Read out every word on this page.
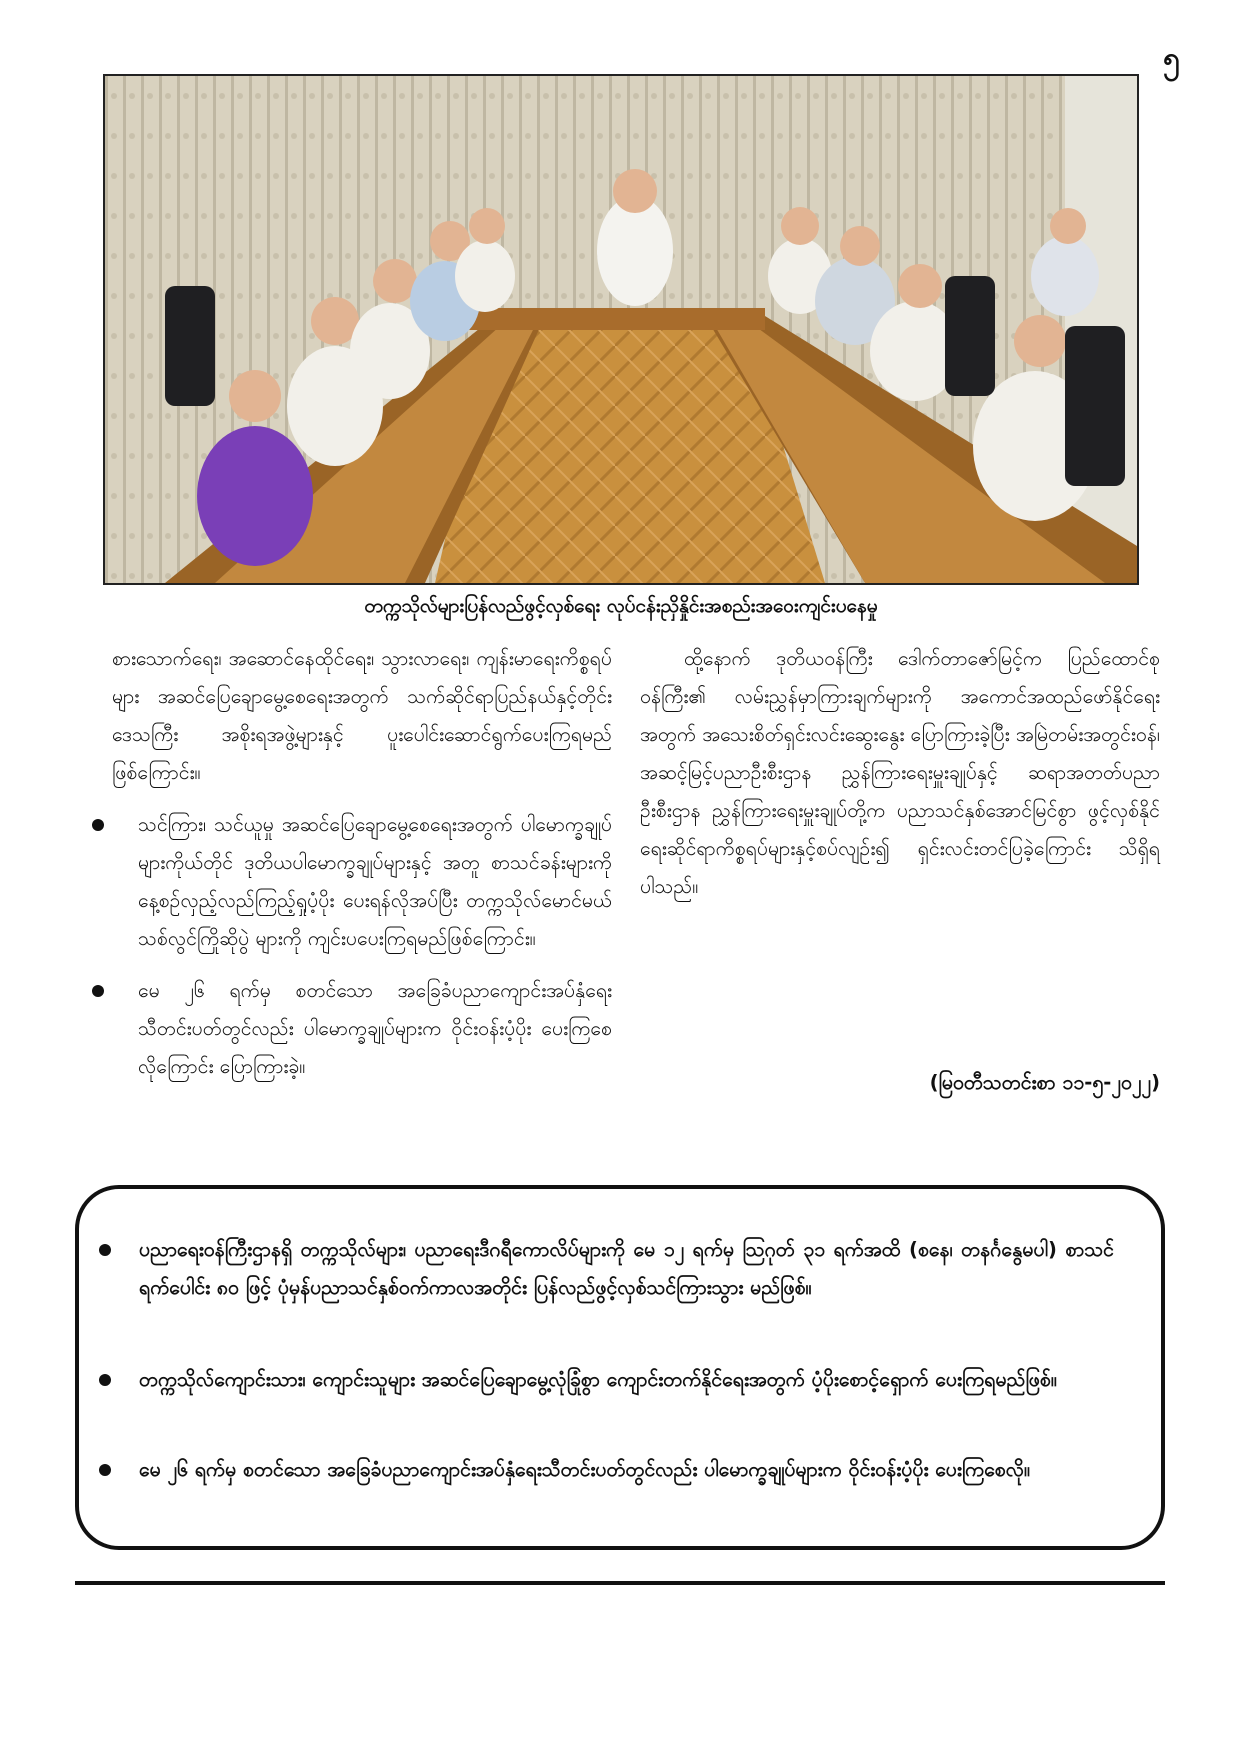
၅
တက္ကသိုလ်များပြန်လည်ဖွင့်လှစ်ရေး လုပ်ငန်းညှိနှိုင်းအစည်းအဝေးကျင်းပနေမှု

စားသောက်ရေး၊ အဆောင်နေထိုင်ရေး၊ သွားလာရေး၊ ကျန်းမာရေးကိစ္စရပ်များ အဆင်ပြေချောမွေ့စေရေးအတွက် သက်ဆိုင်ရာပြည်နယ်နှင့်တိုင်းဒေသကြီး အစိုးရအဖွဲ့များနှင့် ပူးပေါင်းဆောင်ရွက်ပေးကြရမည်ဖြစ်ကြောင်း။

သင်ကြား၊ သင်ယူမှု အဆင်ပြေချောမွေ့စေရေးအတွက် ပါမောက္ခချုပ်များကိုယ်တိုင် ဒုတိယပါမောက္ခချုပ်များနှင့် အတူ စာသင်ခန်းများကို နေ့စဉ်လှည့်လည်ကြည့်ရှုပံ့ပိုး ပေးရန်လိုအပ်ပြီး တက္ကသိုလ်မောင်မယ်သစ်လွင်ကြိုဆိုပွဲ များကို ကျင်းပပေးကြရမည်ဖြစ်ကြောင်း။
မေ ၂၆ ရက်မှ စတင်သော အခြေခံပညာကျောင်းအပ်နှံရေး သီတင်းပတ်တွင်လည်း ပါမောက္ခချုပ်များက ဝိုင်းဝန်းပံ့ပိုး ပေးကြစေလိုကြောင်း ပြောကြားခဲ့။

ထို့နောက် ဒုတိယဝန်ကြီး ဒေါက်တာဇော်မြင့်က ပြည်ထောင်စုဝန်ကြီး၏ လမ်းညွှန်မှာကြားချက်များကို အကောင်အထည်ဖော်နိုင်ရေးအတွက် အသေးစိတ်ရှင်းလင်းဆွေးနွေး ပြောကြားခဲ့ပြီး အမြဲတမ်းအတွင်းဝန်၊ အဆင့်မြင့်ပညာဦးစီးဌာန ညွှန်ကြားရေးမှူးချုပ်နှင့် ဆရာအတတ်ပညာဦးစီးဌာန ညွှန်ကြားရေးမှူးချုပ်တို့က ပညာသင်နှစ်အောင်မြင်စွာ ဖွင့်လှစ်နိုင်ရေးဆိုင်ရာကိစ္စရပ်များနှင့်စပ်လျဉ်း၍ ရှင်းလင်းတင်ပြခဲ့ကြောင်း သိရှိရပါသည်။

(မြဝတီသတင်းစာ ၁၁-၅-၂၀၂၂)
ပညာရေးဝန်ကြီးဌာနရှိ တက္ကသိုလ်များ၊ ပညာရေးဒီဂရီကောလိပ်များကို မေ ၁၂ ရက်မှ ဩဂုတ် ၃၁ ရက်အထိ (စနေ၊ တနင်္ဂနွေမပါ) စာသင်ရက်ပေါင်း ၈၀ ဖြင့် ပုံမှန်ပညာသင်နှစ်ဝက်ကာလအတိုင်း ပြန်လည်ဖွင့်လှစ်သင်ကြားသွား မည်ဖြစ်။
တက္ကသိုလ်ကျောင်းသား၊ ကျောင်းသူများ အဆင်ပြေချောမွေ့လုံခြုံစွာ ကျောင်းတက်နိုင်ရေးအတွက် ပံ့ပိုးစောင့်ရှောက် ပေးကြရမည်ဖြစ်။
မေ ၂၆ ရက်မှ စတင်သော အခြေခံပညာကျောင်းအပ်နှံရေးသီတင်းပတ်တွင်လည်း ပါမောက္ခချုပ်များက ဝိုင်းဝန်းပံ့ပိုး ပေးကြစေလို။
